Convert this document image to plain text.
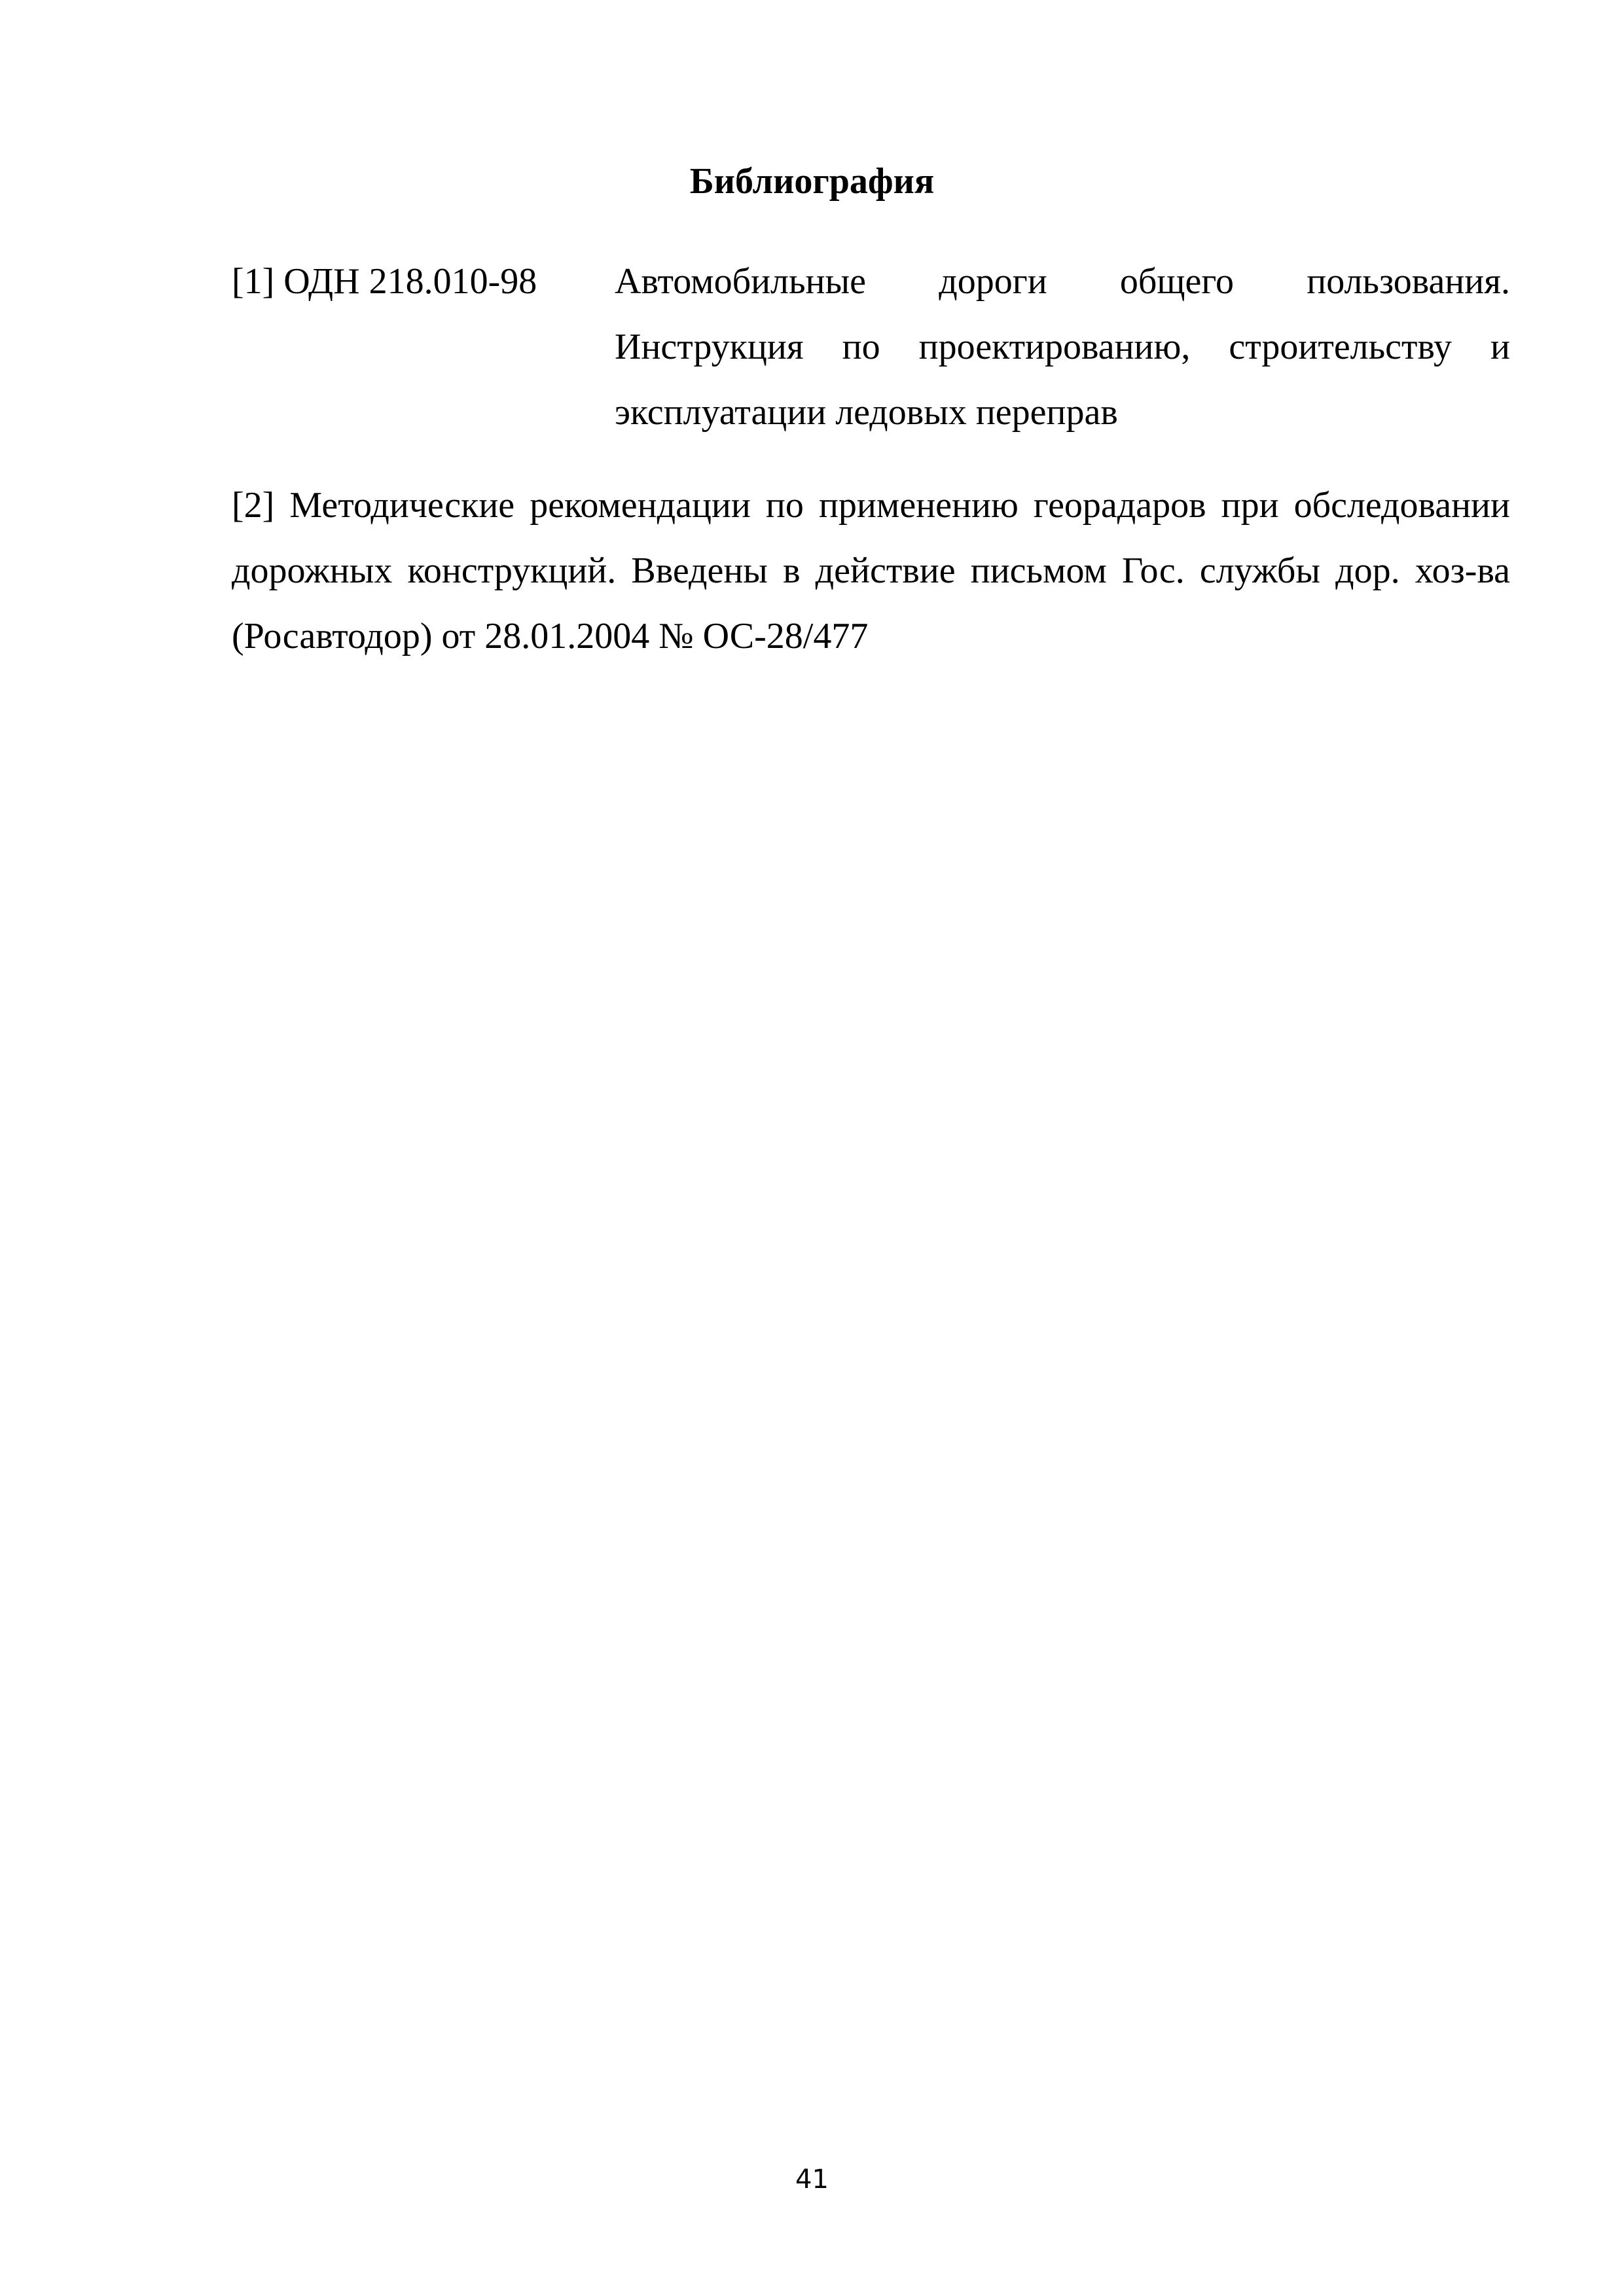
Библиография
[1] ОДН 218.010-98 Автомобильные дороги общего пользования. Инструкция по проектированию, строительству и эксплуатации ледовых переправ
[2] Методические рекомендации по применению георадаров при обследовании дорожных конструкций. Введены в действие письмом Гос. службы дор. хоз-ва (Росавтодор) от 28.01.2004 № ОС-28/477
41
